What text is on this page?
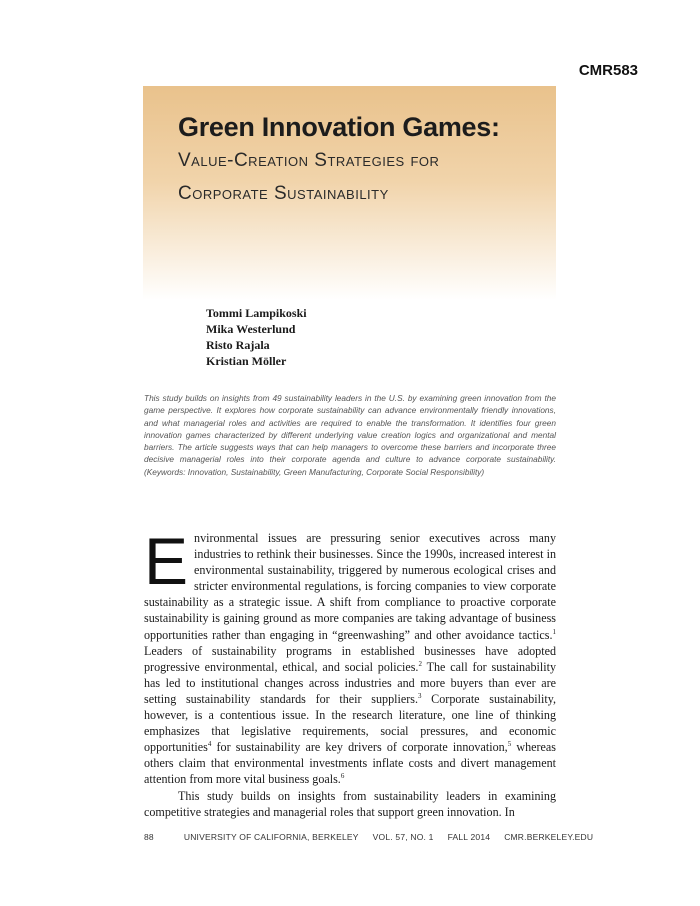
CMR583
Green Innovation Games:
Value-Creation Strategies for
Corporate Sustainability
Tommi Lampikoski
Mika Westerlund
Risto Rajala
Kristian Möller

This study builds on insights from 49 sustainability leaders in the U.S. by examining green innovation from the game perspective. It explores how corporate sustainability can advance environmentally friendly innovations, and what managerial roles and activities are required to enable the transformation. It identifies four green innovation games characterized by different underlying value creation logics and organizational and mental barriers. The article suggests ways that can help managers to overcome these barriers and incorporate three decisive managerial roles into their corporate agenda and culture to advance corporate sustainability. (Keywords: Innovation, Sustainability, Green Manufacturing, Corporate Social Responsibility)

Environmental issues are pressuring senior executives across many industries to rethink their businesses. Since the 1990s, increased interest in environmental sustainability, triggered by numerous ecological crises and stricter environmental regulations, is forcing companies to view corporate sustainability as a strategic issue. A shift from compliance to proactive corporate sustainability is gaining ground as more companies are taking advantage of business opportunities rather than engaging in “greenwashing” and other avoidance tactics.$^1$ Leaders of sustainability programs in established businesses have adopted progressive environmental, ethical, and social policies.$^2$ The call for sustainability has led to institutional changes across industries and more buyers than ever are setting sustainability standards for their suppliers.$^3$ Corporate sustainability, however, is a contentious issue. In the research literature, one line of thinking emphasizes that legislative requirements, social pressures, and economic opportunities$^4$ for sustainability are key drivers of corporate innovation,$^5$ whereas others claim that environmental investments inflate costs and divert management attention from more vital business goals.$^6$

This study builds on insights from sustainability leaders in examining competitive strategies and managerial roles that support green innovation. In

88	UNIVERSITY OF CALIFORNIA, BERKELEY VOL. 57, NO. 1 FALL 2014 CMR.BERKELEY.EDU
